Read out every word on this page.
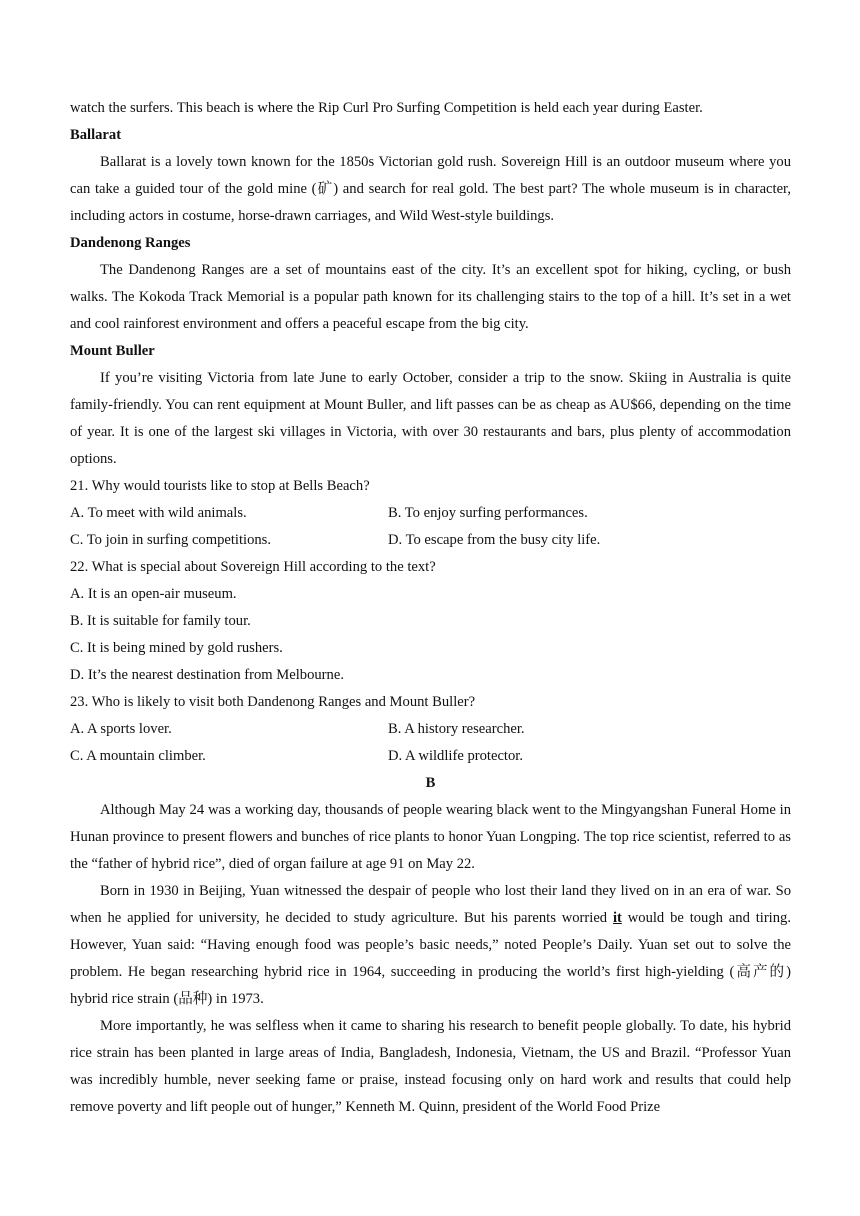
watch the surfers. This beach is where the Rip Curl Pro Surfing Competition is held each year during Easter.

Ballarat

Ballarat is a lovely town known for the 1850s Victorian gold rush. Sovereign Hill is an outdoor museum where you can take a guided tour of the gold mine (矿) and search for real gold. The best part? The whole museum is in character, including actors in costume, horse-drawn carriages, and Wild West-style buildings.

Dandenong Ranges

The Dandenong Ranges are a set of mountains east of the city. It’s an excellent spot for hiking, cycling, or bush walks. The Kokoda Track Memorial is a popular path known for its challenging stairs to the top of a hill. It’s set in a wet and cool rainforest environment and offers a peaceful escape from the big city.

Mount Buller

If you’re visiting Victoria from late June to early October, consider a trip to the snow. Skiing in Australia is quite family-friendly. You can rent equipment at Mount Buller, and lift passes can be as cheap as AU$66, depending on the time of year. It is one of the largest ski villages in Victoria, with over 30 restaurants and bars, plus plenty of accommodation options.

21. Why would tourists like to stop at Bells Beach?

A. To meet with wild animals.	B. To enjoy surfing performances.
C. To join in surfing competitions.	D. To escape from the busy city life.

22. What is special about Sovereign Hill according to the text?

A. It is an open-air museum.

B. It is suitable for family tour.

C. It is being mined by gold rushers.

D. It’s the nearest destination from Melbourne.

23. Who is likely to visit both Dandenong Ranges and Mount Buller?

A. A sports lover.	B. A history researcher.
C. A mountain climber.	D. A wildlife protector.

B

Although May 24 was a working day, thousands of people wearing black went to the Mingyangshan Funeral Home in Hunan province to present flowers and bunches of rice plants to honor Yuan Longping. The top rice scientist, referred to as the “father of hybrid rice”, died of organ failure at age 91 on May 22.

Born in 1930 in Beijing, Yuan witnessed the despair of people who lost their land they lived on in an era of war. So when he applied for university, he decided to study agriculture. But his parents worried it would be tough and tiring. However, Yuan said: “Having enough food was people’s basic needs,” noted People’s Daily. Yuan set out to solve the problem. He began researching hybrid rice in 1964, succeeding in producing the world’s first high-yielding (高产的) hybrid rice strain (品种) in 1973.

More importantly, he was selfless when it came to sharing his research to benefit people globally. To date, his hybrid rice strain has been planted in large areas of India, Bangladesh, Indonesia, Vietnam, the US and Brazil. “Professor Yuan was incredibly humble, never seeking fame or praise, instead focusing only on hard work and results that could help remove poverty and lift people out of hunger,” Kenneth M. Quinn, president of the World Food Prize
